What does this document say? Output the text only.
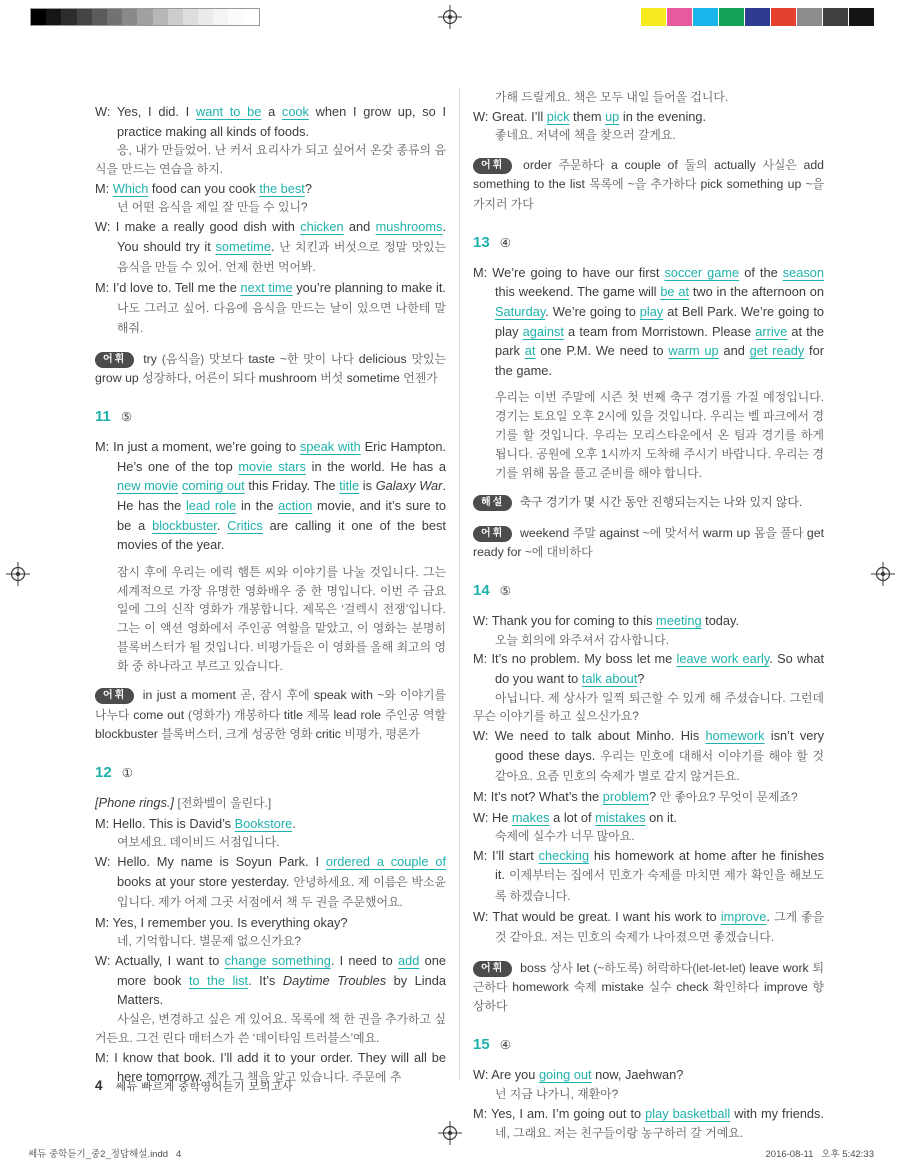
W: Yes, I did. I want to be a cook when I grow up, so I practice making all kinds of foods.

응, 내가 만들었어. 난 커서 요리사가 되고 싶어서 온갖 종류의 음식을 만드는 연습을 하지.

M: Which food can you cook the best?

넌 어떤 음식을 제일 잘 만들 수 있니?

W: I make a really good dish with chicken and mushrooms. You should try it sometime. 난 치킨과 버섯으로 정말 맛있는 음식을 만들 수 있어. 언제 한번 먹어봐.

M: I’d love to. Tell me the next time you’re planning to make it. 나도 그러고 싶어. 다음에 음식을 만드는 날이 있으면 나한테 말해줘.

어휘 try (음식을) 맛보다 taste ~한 맛이 나다 delicious 맛있는 grow up 성장하다, 어른이 되다 mushroom 버섯 sometime 언젠가

11 ⑤

M: In just a moment, we’re going to speak with Eric Hampton. He’s one of the top movie stars in the world. He has a new movie coming out this Friday. The title is Galaxy War. He has the lead role in the action movie, and it’s sure to be a blockbuster. Critics are calling it one of the best movies of the year.

잠시 후에 우리는 에릭 햄튼 씨와 이야기를 나눌 것입니다. 그는 세계적으로 가장 유명한 영화배우 중 한 명입니다. 이번 주 금요일에 그의 신작 영화가 개봉합니다. 제목은 ‘걸렉시 전쟁’입니다. 그는 이 액션 영화에서 주인공 역할을 맡았고, 이 영화는 분명히 블록버스터가 될 것입니다. 비평가들은 이 영화를 올해 최고의 영화 중 하나라고 부르고 있습니다.

어휘 in just a moment 곧, 잠시 후에 speak with ~와 이야기를 나누다 come out (영화가) 개봉하다 title 제목 lead role 주인공 역할 blockbuster 블록버스터, 크게 성공한 영화 critic 비평가, 평론가

12 ①

[Phone rings.] [전화벨이 울린다.]

M: Hello. This is David’s Bookstore.

여보세요. 데이비드 서점입니다.

W: Hello. My name is Soyun Park. I ordered a couple of books at your store yesterday. 안녕하세요. 제 이름은 박소윤입니다. 제가 어제 그곳 서점에서 책 두 권을 주문했어요.

M: Yes, I remember you. Is everything okay?

네, 기억합니다. 별문제 없으신가요?

W: Actually, I want to change something. I need to add one more book to the list. It’s Daytime Troubles by Linda Matters.

사실은, 변경하고 싶은 게 있어요. 목록에 책 한 권을 추가하고 싶거든요. 그건 린다 매터스가 쓴 ‘데이타임 트러블스’예요.

M: I know that book. I’ll add it to your order. They will all be here tomorrow. 제가 그 책을 알고 있습니다. 주문에 추

가해 드릴게요. 책은 모두 내일 들어올 겁니다.

W: Great. I’ll pick them up in the evening.

좋네요. 저녁에 책을 찾으러 갈게요.

어휘 order 주문하다 a couple of 둘의 actually 사실은 add something to the list 목록에 ~을 추가하다 pick something up ~을 가지러 가다

13 ④

M: We’re going to have our first soccer game of the season this weekend. The game will be at two in the afternoon on Saturday. We’re going to play at Bell Park. We’re going to play against a team from Morristown. Please arrive at the park at one P.M. We need to warm up and get ready for the game.

우리는 이번 주말에 시즌 첫 번째 축구 경기를 가질 예정입니다. 경기는 토요일 오후 2시에 있을 것입니다. 우리는 벨 파크에서 경기를 할 것입니다. 우리는 모리스타운에서 온 팀과 경기를 하게 됩니다. 공원에 오후 1시까지 도착해 주시기 바랍니다. 우리는 경기를 위해 몸을 풀고 준비를 해야 합니다.

해설 축구 경기가 몇 시간 동안 진행되는지는 나와 있지 않다.

어휘 weekend 주말 against ~에 맞서서 warm up 몸을 풀다 get ready for ~에 대비하다

14 ⑤

W: Thank you for coming to this meeting today.

오늘 회의에 와주셔서 감사합니다.

M: It’s no problem. My boss let me leave work early. So what do you want to talk about?

아닙니다. 제 상사가 일찍 퇴근할 수 있게 해 주셨습니다. 그런데 무슨 이야기를 하고 싶으신가요?

W: We need to talk about Minho. His homework isn’t very good these days. 우리는 민호에 대해서 이야기를 해야 할 것 같아요. 요즘 민호의 숙제가 별로 같지 않거든요.

M: It’s not? What’s the problem? 안 좋아요? 무엇이 문제죠?

W: He makes a lot of mistakes on it.

숙제에 실수가 너무 많아요.

M: I’ll start checking his homework at home after he finishes it. 이제부터는 집에서 민호가 숙제를 마치면 제가 확인을 해보도록 하겠습니다.

W: That would be great. I want his work to improve. 그게 좋을 것 같아요. 저는 민호의 숙제가 나아졌으면 좋겠습니다.

어휘 boss 상사 let (~하도록) 허락하다(let-let-let) leave work 퇴근하다 homework 숙제 mistake 실수 check 확인하다 improve 향상하다

15 ④

W: Are you going out now, Jaehwan?

넌 지금 나가니, 재환아?

M: Yes, I am. I’m going out to play basketball with my friends. 네, 그래요. 저는 친구들이랑 농구하러 갈 거예요.

4 쎄듀 빠르게 중학영어듣기 모의고사
쎄듀 중학듣기_중2_정답해설.indd   4	2016-08-11   오후 5:42:33
